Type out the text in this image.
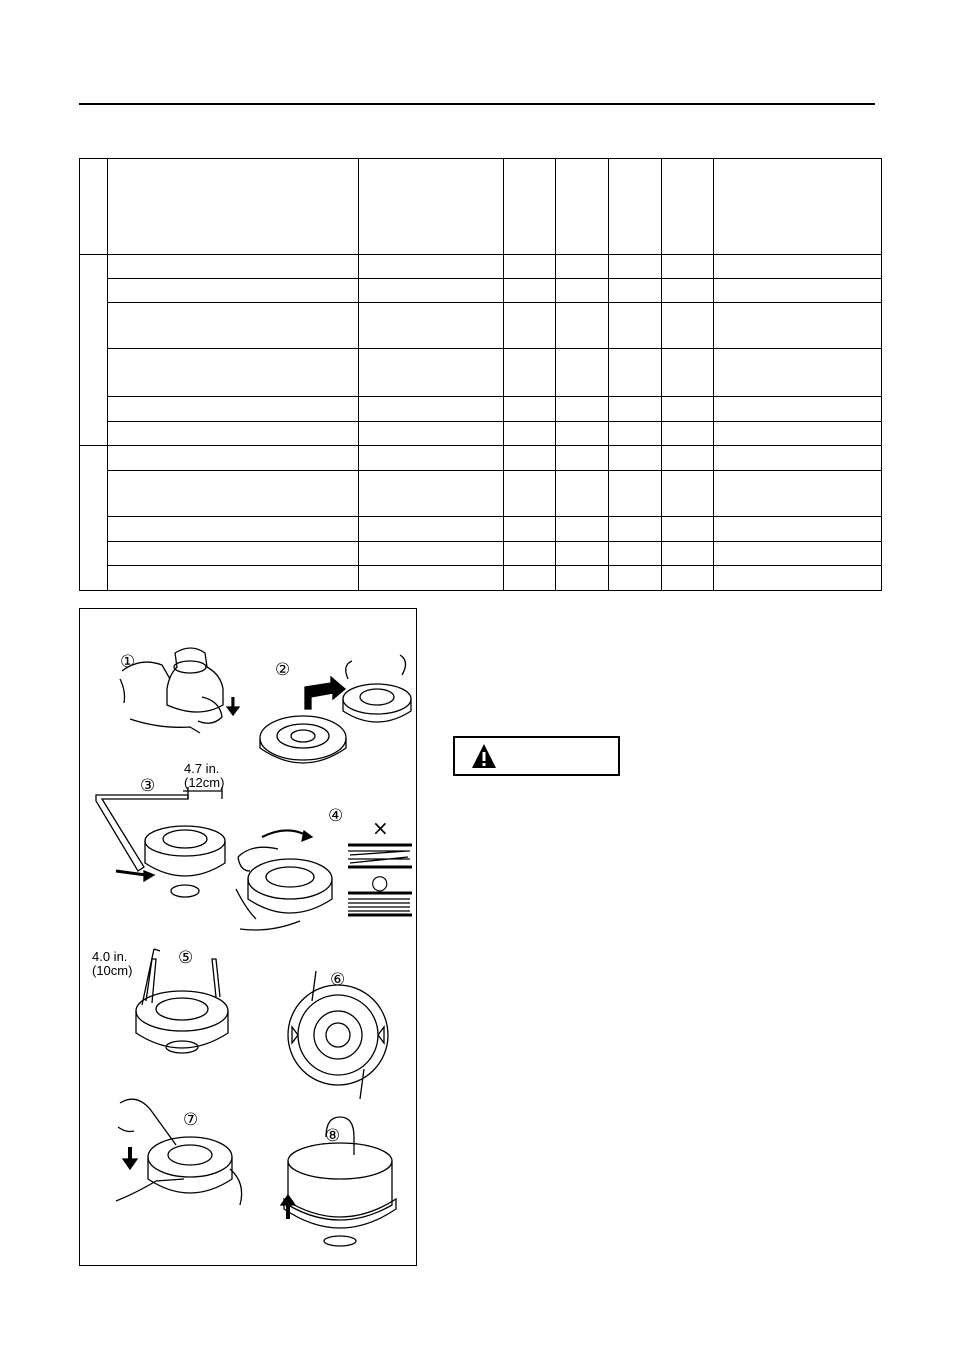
①	②
③
④
⑤
⑥
⑦
⑧
×
○
4.7 in.
(12cm)
4.0 in.
(10cm)
